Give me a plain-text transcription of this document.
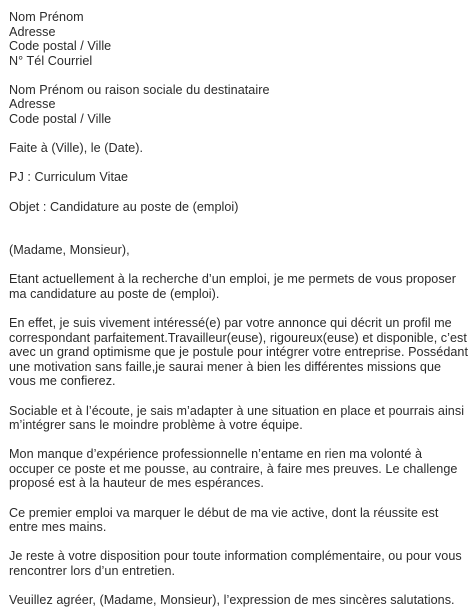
Nom Prénom
Adresse
Code postal / Ville
N° Tél Courriel
Nom Prénom ou raison sociale du destinataire
Adresse
Code postal / Ville
Faite à (Ville), le (Date).
PJ : Curriculum Vitae
Objet : Candidature au poste de (emploi)
(Madame, Monsieur),
Etant actuellement à la recherche d’un emploi, je me permets de vous proposer
ma candidature au poste de (emploi).
En effet, je suis vivement intéressé(e) par votre annonce qui décrit un profil me
correspondant parfaitement.Travailleur(euse), rigoureux(euse) et disponible, c’est
avec un grand optimisme que je postule pour intégrer votre entreprise. Possédant
une motivation sans faille,je saurai mener à bien les différentes missions que
vous me confierez.
Sociable et à l’écoute, je sais m’adapter à une situation en place et pourrais ainsi
m’intégrer sans le moindre problème à votre équipe.
Mon manque d’expérience professionnelle n’entame en rien ma volonté à
occuper ce poste et me pousse, au contraire, à faire mes preuves. Le challenge
proposé est à la hauteur de mes espérances.
Ce premier emploi va marquer le début de ma vie active, dont la réussite est
entre mes mains.
Je reste à votre disposition pour toute information complémentaire, ou pour vous
rencontrer lors d’un entretien.
Veuillez agréer, (Madame, Monsieur), l’expression de mes sincères salutations.
